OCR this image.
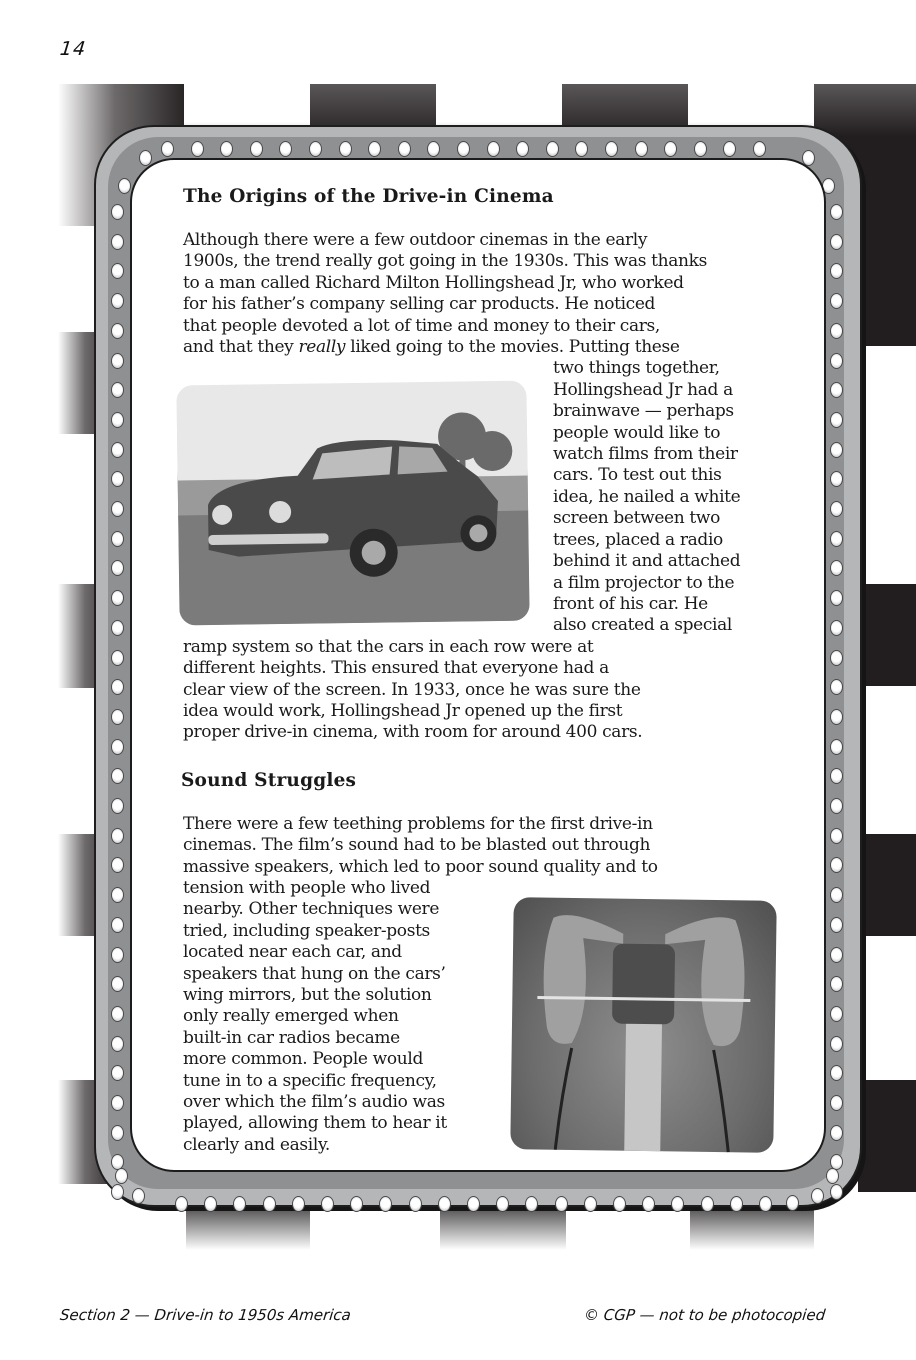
14
The Origins of the Drive-in Cinema

Although there were a few outdoor cinemas in the early

1900s, the trend really got going in the 1930s. This was thanks

to a man called Richard Milton Hollingshead Jr, who worked

for his father’s company selling car products. He noticed

that people devoted a lot of time and money to their cars,

and that they really liked going to the movies. Putting these

two things together,

Hollingshead Jr had a

brainwave — perhaps

people would like to

watch films from their

cars. To test out this

idea, he nailed a white

screen between two

trees, placed a radio

behind it and attached

a film projector to the

front of his car. He

also created a special

ramp system so that the cars in each row were at

different heights. This ensured that everyone had a

clear view of the screen. In 1933, once he was sure the

idea would work, Hollingshead Jr opened up the first

proper drive-in cinema, with room for around 400 cars.

Sound Struggles

There were a few teething problems for the first drive-in

cinemas. The film’s sound had to be blasted out through

massive speakers, which led to poor sound quality and to

tension with people who lived

nearby. Other techniques were

tried, including speaker-posts

located near each car, and

speakers that hung on the cars’

wing mirrors, but the solution

only really emerged when

built-in car radios became

more common. People would

tune in to a specific frequency,

over which the film’s audio was

played, allowing them to hear it

clearly and easily.

Section 2 — Drive-in to 1950s America	© CGP — not to be photocopied
